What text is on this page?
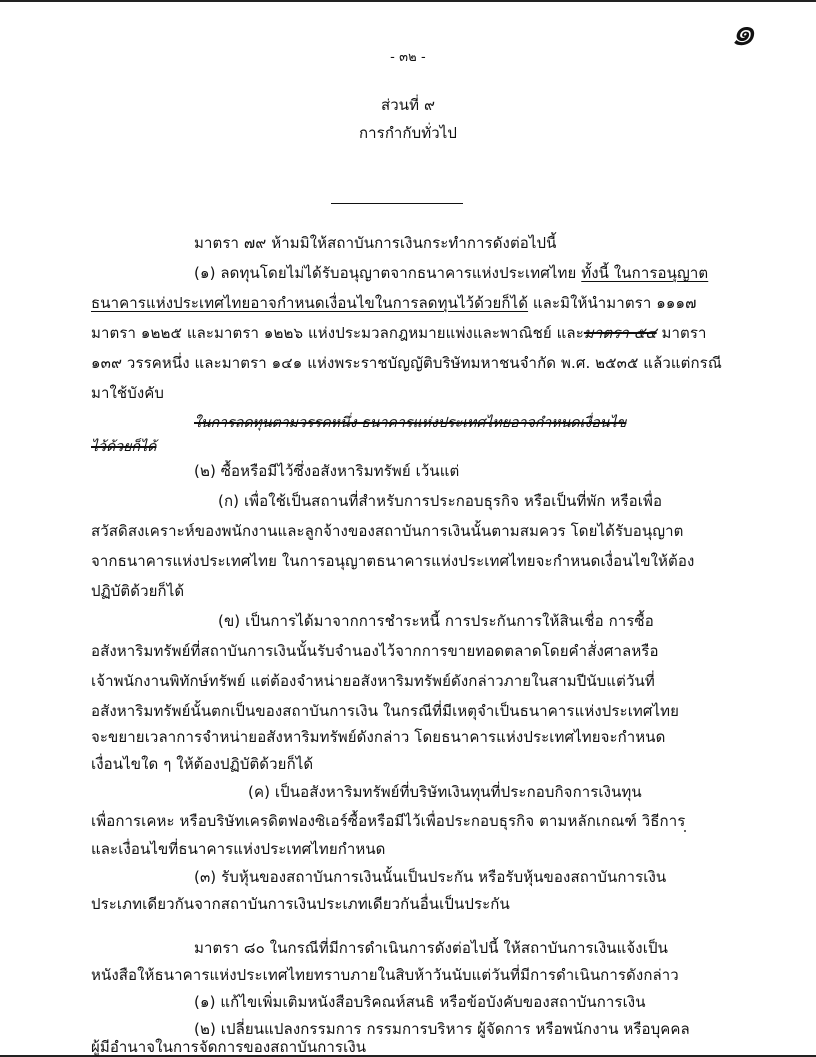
๑
- ๓๒ -
ส่วนที่ ๙
การกำกับทั่วไป
มาตรา ๗๙ ห้ามมิให้สถาบันการเงินกระทำการดังต่อไปนี้
(๑) ลดทุนโดยไม่ได้รับอนุญาตจากธนาคารแห่งประเทศไทย ทั้งนี้ ในการอนุญาต
ธนาคารแห่งประเทศไทยอาจกำหนดเงื่อนไขในการลดทุนไว้ด้วยก็ได้ และมิให้นำมาตรา ๑๑๑๗
มาตรา ๑๒๒๕ และมาตรา ๑๒๒๖ แห่งประมวลกฎหมายแพ่งและพาณิชย์ และมาตรา ๕๔ มาตรา
๑๓๙ วรรคหนึ่ง และมาตรา ๑๔๑ แห่งพระราชบัญญัติบริษัทมหาชนจำกัด พ.ศ. ๒๕๓๕ แล้วแต่กรณี
มาใช้บังคับ
ในการลดทุนตามวรรคหนึ่ง ธนาคารแห่งประเทศไทยอาจกำหนดเงื่อนไข
ไว้ด้วยก็ได้
(๒) ซื้อหรือมีไว้ซึ่งอสังหาริมทรัพย์ เว้นแต่
(ก) เพื่อใช้เป็นสถานที่สำหรับการประกอบธุรกิจ หรือเป็นที่พัก หรือเพื่อ
สวัสดิสงเคราะห์ของพนักงานและลูกจ้างของสถาบันการเงินนั้นตามสมควร โดยได้รับอนุญาต
จากธนาคารแห่งประเทศไทย ในการอนุญาตธนาคารแห่งประเทศไทยจะกำหนดเงื่อนไขให้ต้อง
ปฏิบัติด้วยก็ได้
(ข) เป็นการได้มาจากการชำระหนี้ การประกันการให้สินเชื่อ การซื้อ
อสังหาริมทรัพย์ที่สถาบันการเงินนั้นรับจำนองไว้จากการขายทอดตลาดโดยคำสั่งศาลหรือ
เจ้าพนักงานพิทักษ์ทรัพย์ แต่ต้องจำหน่ายอสังหาริมทรัพย์ดังกล่าวภายในสามปีนับแต่วันที่
อสังหาริมทรัพย์นั้นตกเป็นของสถาบันการเงิน ในกรณีที่มีเหตุจำเป็นธนาคารแห่งประเทศไทย
จะขยายเวลาการจำหน่ายอสังหาริมทรัพย์ดังกล่าว โดยธนาคารแห่งประเทศไทยจะกำหนด
เงื่อนไขใด ๆ ให้ต้องปฏิบัติด้วยก็ได้
(ค) เป็นอสังหาริมทรัพย์ที่บริษัทเงินทุนที่ประกอบกิจการเงินทุน
เพื่อการเคหะ หรือบริษัทเครดิตฟองซิเอร์ซื้อหรือมีไว้เพื่อประกอบธุรกิจ ตามหลักเกณฑ์ วิธีการ
และเงื่อนไขที่ธนาคารแห่งประเทศไทยกำหนด
(๓) รับหุ้นของสถาบันการเงินนั้นเป็นประกัน หรือรับหุ้นของสถาบันการเงิน
ประเภทเดียวกันจากสถาบันการเงินประเภทเดียวกันอื่นเป็นประกัน
มาตรา ๘๐ ในกรณีที่มีการดำเนินการดังต่อไปนี้ ให้สถาบันการเงินแจ้งเป็น
หนังสือให้ธนาคารแห่งประเทศไทยทราบภายในสิบห้าวันนับแต่วันที่มีการดำเนินการดังกล่าว
(๑) แก้ไขเพิ่มเติมหนังสือบริคณห์สนธิ หรือข้อบังคับของสถาบันการเงิน
(๒) เปลี่ยนแปลงกรรมการ กรรมการบริหาร ผู้จัดการ หรือพนักงาน หรือบุคคล
ผู้มีอำนาจในการจัดการของสถาบันการเงิน
